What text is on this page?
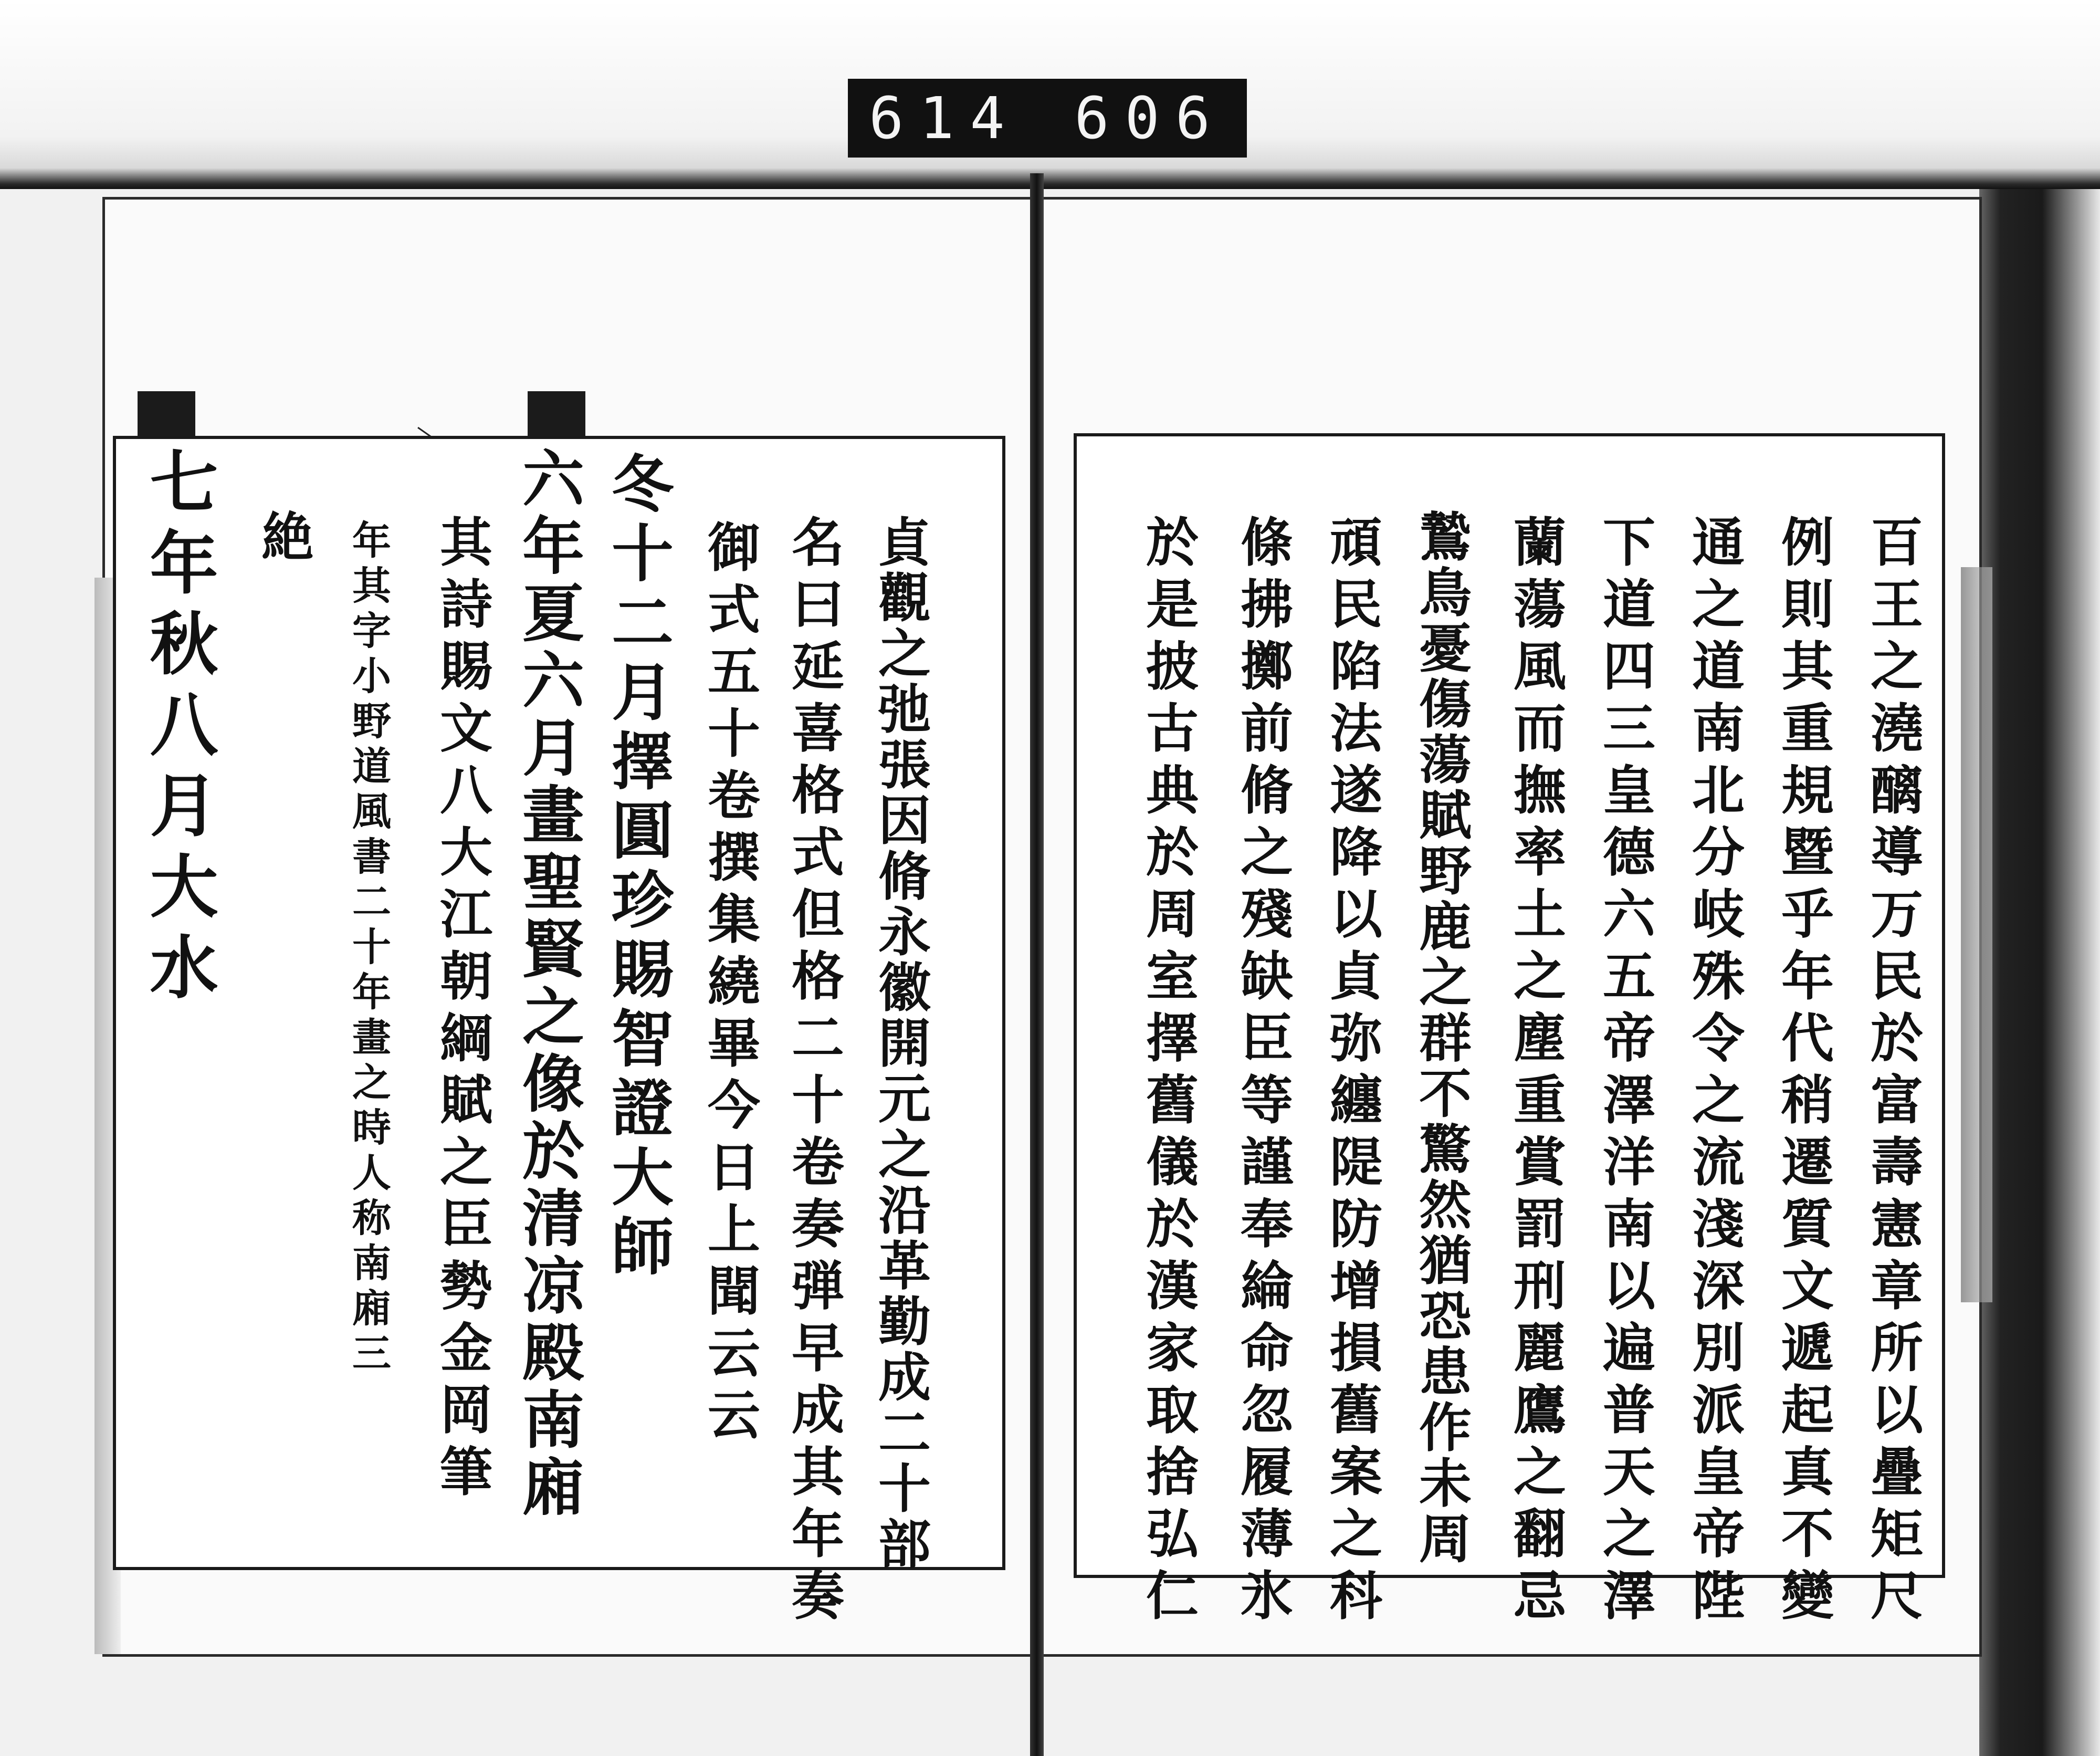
614 606
百王之澆醨導万民於富壽憲章所以疊矩尺
例則其重規暨乎年代稍遷質文遞起真不變
通之道南北分岐殊令之流淺深別派皇帝陛
下道四三皇德六五帝澤洋南以遍普天之澤
蘭蕩風而撫率土之塵重賞罰刑麗鷹之翻忌
鷙鳥憂傷蕩賦野鹿之群不驚然猶恐患作未周
頑民陷法遂降以貞弥纏隄防增損舊案之科
條拂擲前脩之殘缺臣等謹奉綸命忽履薄氷
於是披古典於周室擇舊儀於漢家取捨弘仁
貞觀之弛張因脩永徽開元之沿革勤成二十部
名曰延喜格式但格二十卷奏弾早成其年奏
御式五十卷撰集繞畢今日上聞云云
冬十二月擇圓珍賜智證大師
六年夏六月畫聖賢之像於清凉殿南廂
其詩賜文八大江朝綱賦之臣勢金岡筆
年其字小野道風書二十年畫之時人称南廂三
絶
七年秋八月大水
